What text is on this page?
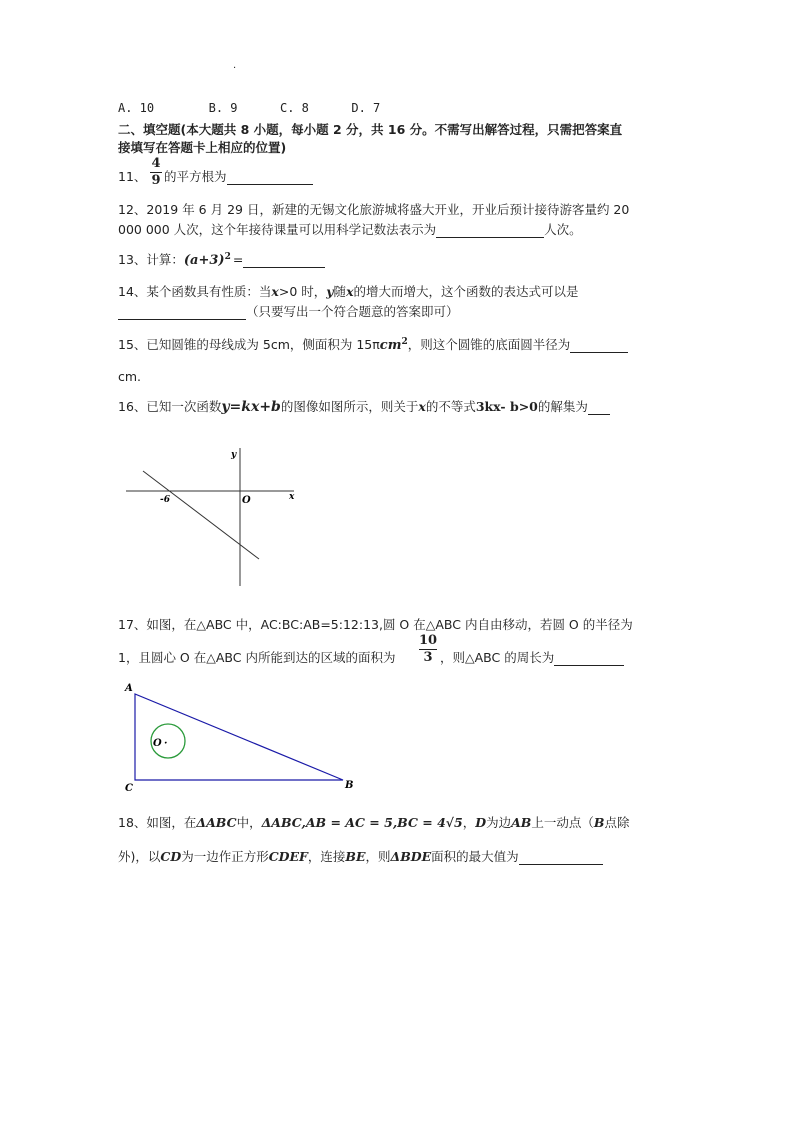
.
A. 10	B. 9	C. 8	D. 7
二、填空题(本大题共 8 小题，每小题 2 分，共 16 分。不需写出解答过程，只需把答案直
接填写在答题卡上相应的位置)
11、
4
9 的平方根为
12、2019 年 6 月 29 日，新建的无锡文化旅游城将盛大开业，开业后预计接待游客量约 20
000 000 人次，这个年接待课量可以用科学记数法表示为	人次。
13、计算：$(a+3)^2$ =
14、某个函数具有性质：当x>0 时，y随x的增大而增大，这个函数的表达式可以是
（只要写出一个符合题意的答案即可）
15、已知圆锥的母线成为 5cm，侧面积为 15πcm$^2$，则这个圆锥的底面圆半径为
cm.
16、已知一次函数y=kx+b的图像如图所示，则关于x的不等式3kx- b>0的解集为
y
x
O
-6
17、如图，在△ABC 中，AC:BC:AB=5:12:13,圆 O 在△ABC 内自由移动，若圆 O 的半径为
1，且圆心 O 在△ABC 内所能到达的区域的面积为
10
3 ，则△ABC 的周长为
A
C	B
O ·
18、如图，在ΔABC中，ΔABC,AB = AC = 5,BC = 4√5，D为边AB上一动点（B点除
外)，以CD为一边作正方形CDEF，连接BE，则ΔBDE面积的最大值为
